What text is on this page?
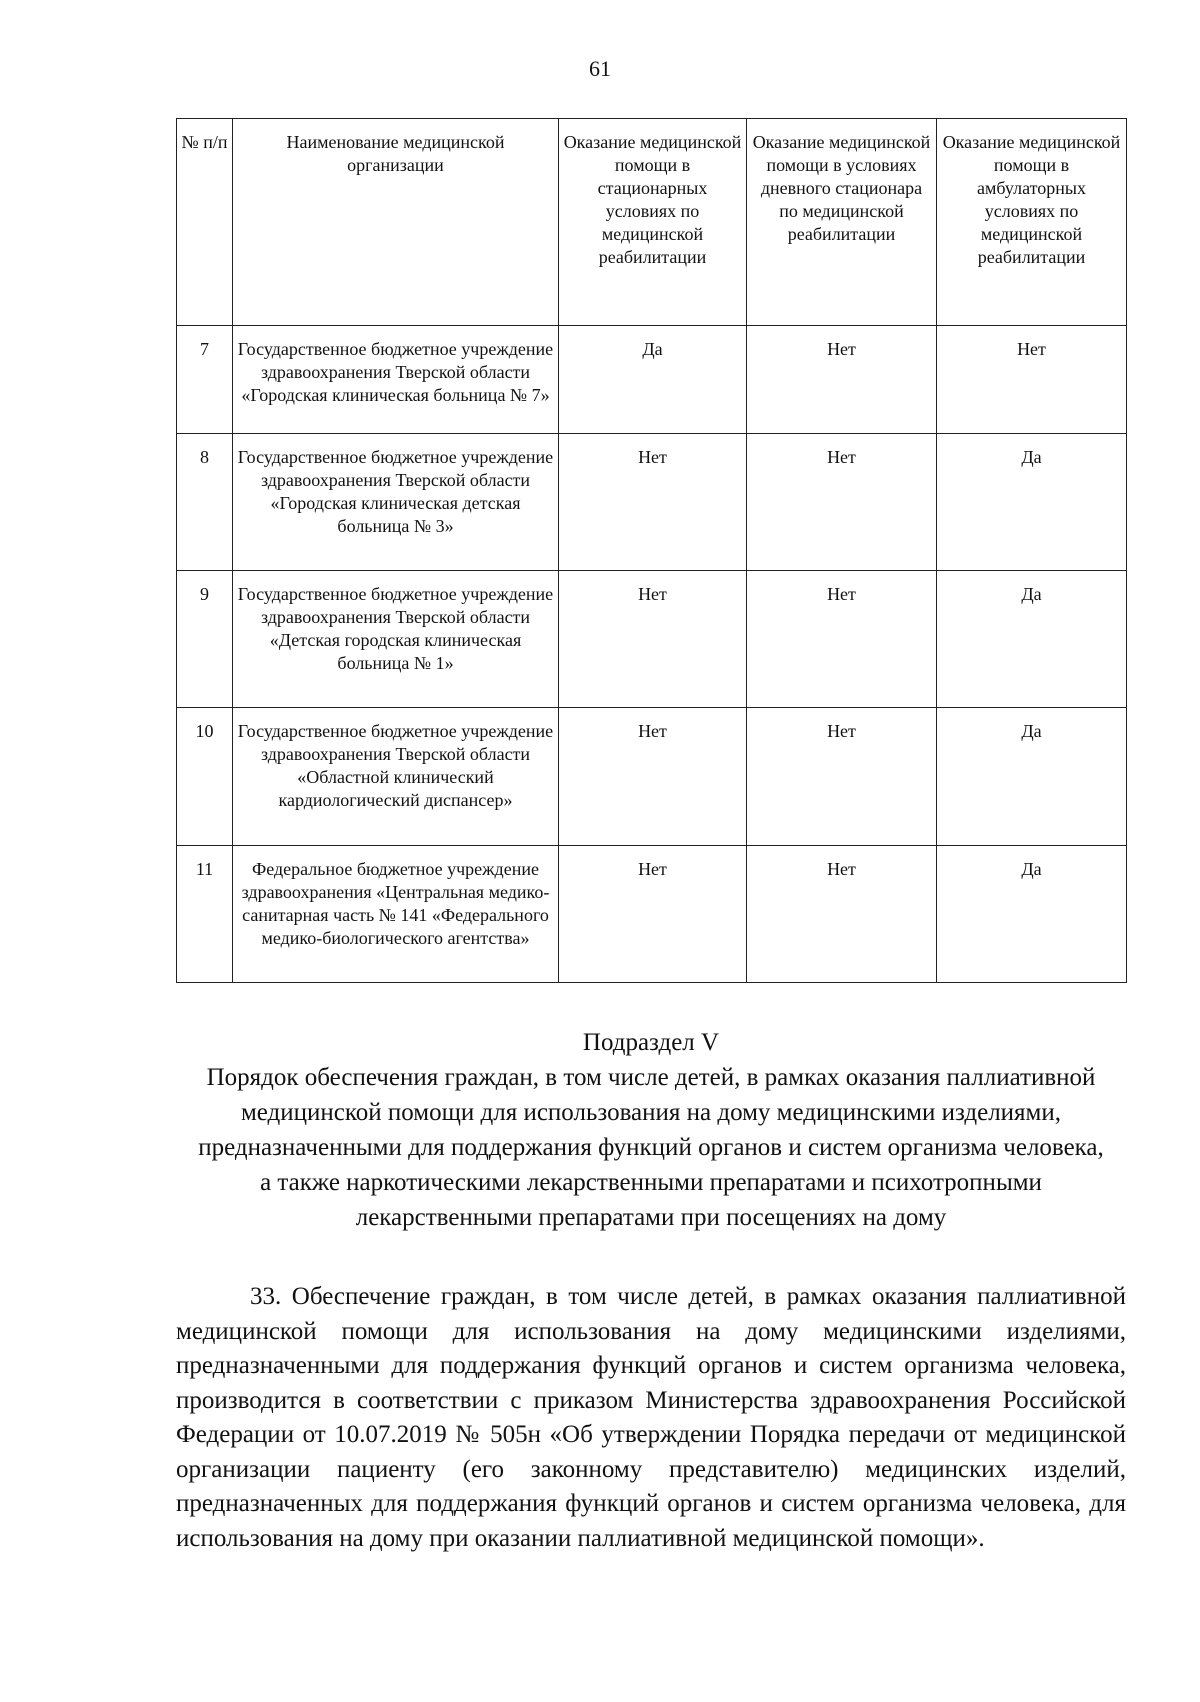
61
№ п/п	Наименование медицинской организации	Оказание медицинской помощи в стационарных условиях по медицинской реабилитации	Оказание медицинской помощи в условиях дневного стационара по медицинской реабилитации	Оказание медицинской помощи в амбулаторных условиях по медицинской реабилитации
7	Государственное бюджетное учреждение здравоохранения Тверской области «Городская клиническая больница № 7»	Да	Нет	Нет
8	Государственное бюджетное учреждение здравоохранения Тверской области «Городская клиническая детская больница № 3»	Нет	Нет	Да
9	Государственное бюджетное учреждение здравоохранения Тверской области «Детская городская клиническая больница № 1»	Нет	Нет	Да
10	Государственное бюджетное учреждение здравоохранения Тверской области «Областной клинический кардиологический диспансер»	Нет	Нет	Да
11	Федеральное бюджетное учреждение здравоохранения «Центральная медико-санитарная часть № 141 «Федерального медико-биологического агентства»	Нет	Нет	Да
Подраздел V
Порядок обеспечения граждан, в том числе детей, в рамках оказания паллиативной медицинской помощи для использования на дому медицинскими изделиями, предназначенными для поддержания функций органов и систем организма человека, а также наркотическими лекарственными препаратами и психотропными лекарственными препаратами при посещениях на дому

33. Обеспечение граждан, в том числе детей, в рамках оказания паллиативной медицинской помощи для использования на дому медицинскими изделиями, предназначенными для поддержания функций органов и систем организма человека, производится в соответствии с приказом Министерства здравоохранения Российской Федерации от 10.07.2019 № 505н «Об утверждении Порядка передачи от медицинской организации пациенту (его законному представителю) медицинских изделий, предназначенных для поддержания функций органов и систем организма человека, для использования на дому при оказании паллиативной медицинской помощи».
